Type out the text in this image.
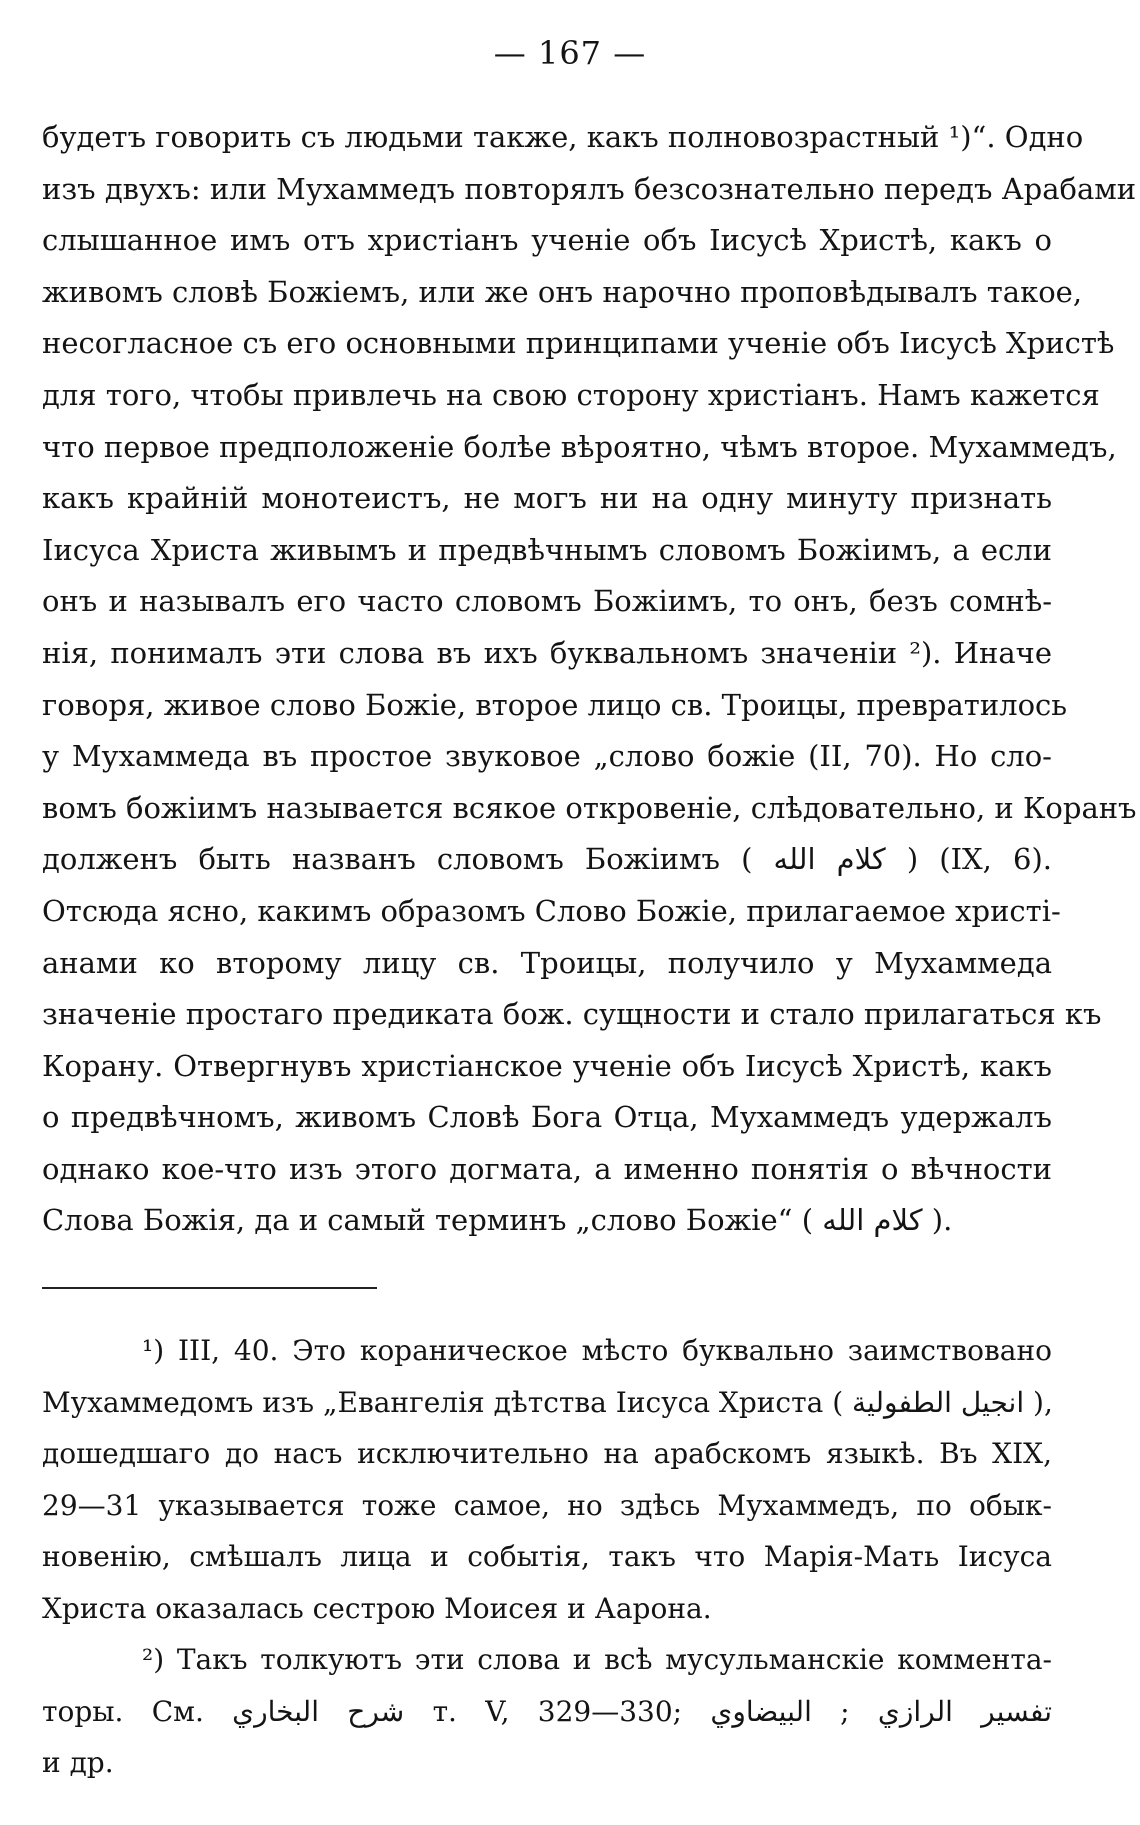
— 167 —
будетъ говорить съ людьми также, какъ полновозрастный ¹)“. Одно
изъ двухъ: или Мухаммедъ повторялъ безсознательно передъ Арабами
слышанное имъ отъ христіанъ ученіе объ Іисусѣ Христѣ, какъ о
живомъ словѣ Божіемъ, или же онъ нарочно проповѣдывалъ такое,
несогласное съ его основными принципами ученіе объ Іисусѣ Христѣ
для того, чтобы привлечь на свою сторону христіанъ. Намъ кажется
что первое предположеніе болѣе вѣроятно, чѣмъ второе. Мухаммедъ,
какъ крайній монотеистъ, не могъ ни на одну минуту признать
Іисуса Христа живымъ и предвѣчнымъ словомъ Божіимъ, а если
онъ и называлъ его часто словомъ Божіимъ, то онъ, безъ сомнѣ-
нія, понималъ эти слова въ ихъ буквальномъ значеніи ²). Иначе
говоря, живое слово Божіе, второе лицо св. Троицы, превратилось
у Мухаммеда въ простое звуковое „слово божіе (II, 70). Но сло-
вомъ божіимъ называется всякое откровеніе, слѣдовательно, и Коранъ
долженъ быть названъ словомъ Божіимъ ( كلام الله ) (IX, 6).
Отсюда ясно, какимъ образомъ Слово Божіе, прилагаемое христі-
анами ко второму лицу св. Троицы, получило у Мухаммеда
значеніе простаго предиката бож. сущности и стало прилагаться къ
Корану. Отвергнувъ христіанское ученіе объ Іисусѣ Христѣ, какъ
о предвѣчномъ, живомъ Словѣ Бога Отца, Мухаммедъ удержалъ
однако кое-что изъ этого догмата, а именно понятія о вѣчности
Слова Божія, да и самый терминъ „слово Божіе“ ( كلام الله ).
¹) III, 40. Это кораническое мѣсто буквально заимствовано
Мухаммедомъ изъ „Евангелія дѣтства Іисуса Христа ( انجيل الطفولية ),
дошедшаго до насъ исключительно на арабскомъ языкѣ. Въ XIX,
29—31 указывается тоже самое, но здѣсь Мухаммедъ, по обык-
новенію, смѣшалъ лица и событія, такъ что Марія-Мать Іисуса
Христа оказалась сестрою Моисея и Аарона.
²) Такъ толкуютъ эти слова и всѣ мусульманскіе коммента-
торы. См. شرح البخاري т. V, 329—330; تفسير الرازي ; البيضاوي
и др.
